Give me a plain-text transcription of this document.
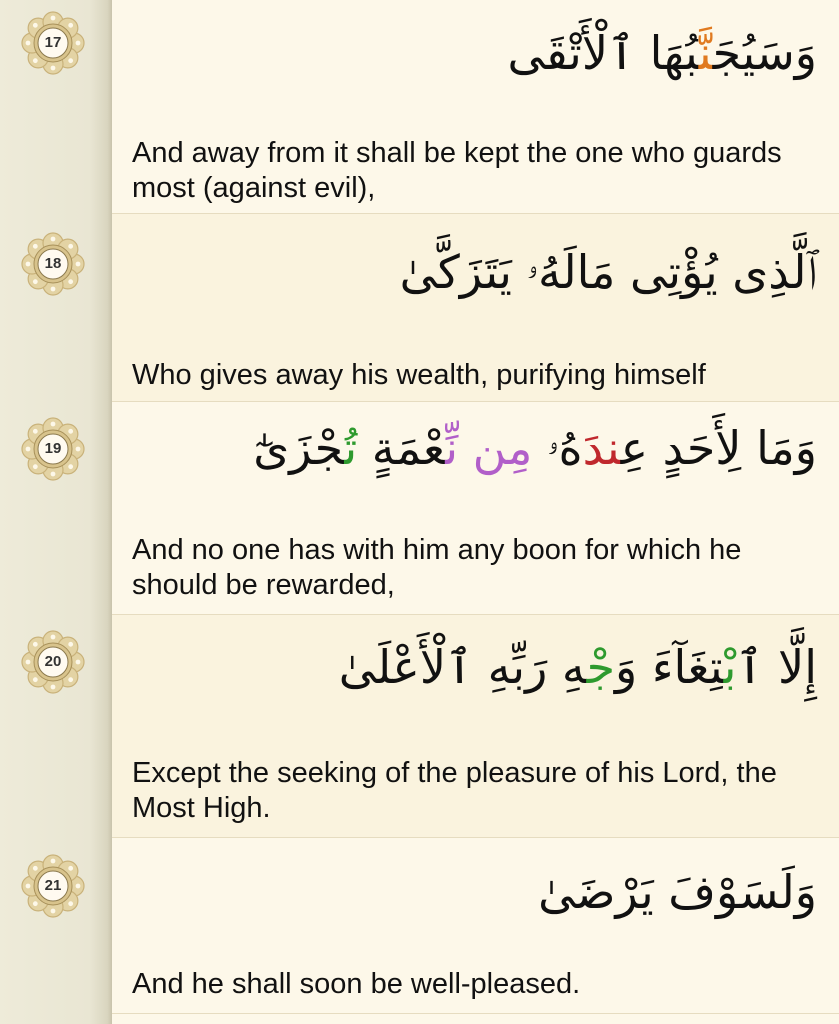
وَسَيُجَنَّبُهَا ٱلْأَتْقَى
And away from it shall be kept the one who guards most (against evil),
ٱلَّذِى يُؤْتِى مَالَهُۥ يَتَزَكَّىٰ
Who gives away his wealth, purifying himself
وَمَا لِأَحَدٍ عِندَهُۥ مِن نِّعْمَةٍ تُجْزَىٰٓ
And no one has with him any boon for which he should be rewarded,
إِلَّا ٱبْتِغَآءَ وَجْهِ رَبِّهِ ٱلْأَعْلَىٰ
Except the seeking of the pleasure of his Lord, the Most High.
وَلَسَوْفَ يَرْضَىٰ
And he shall soon be well-pleased.
17
18
19
20
21
